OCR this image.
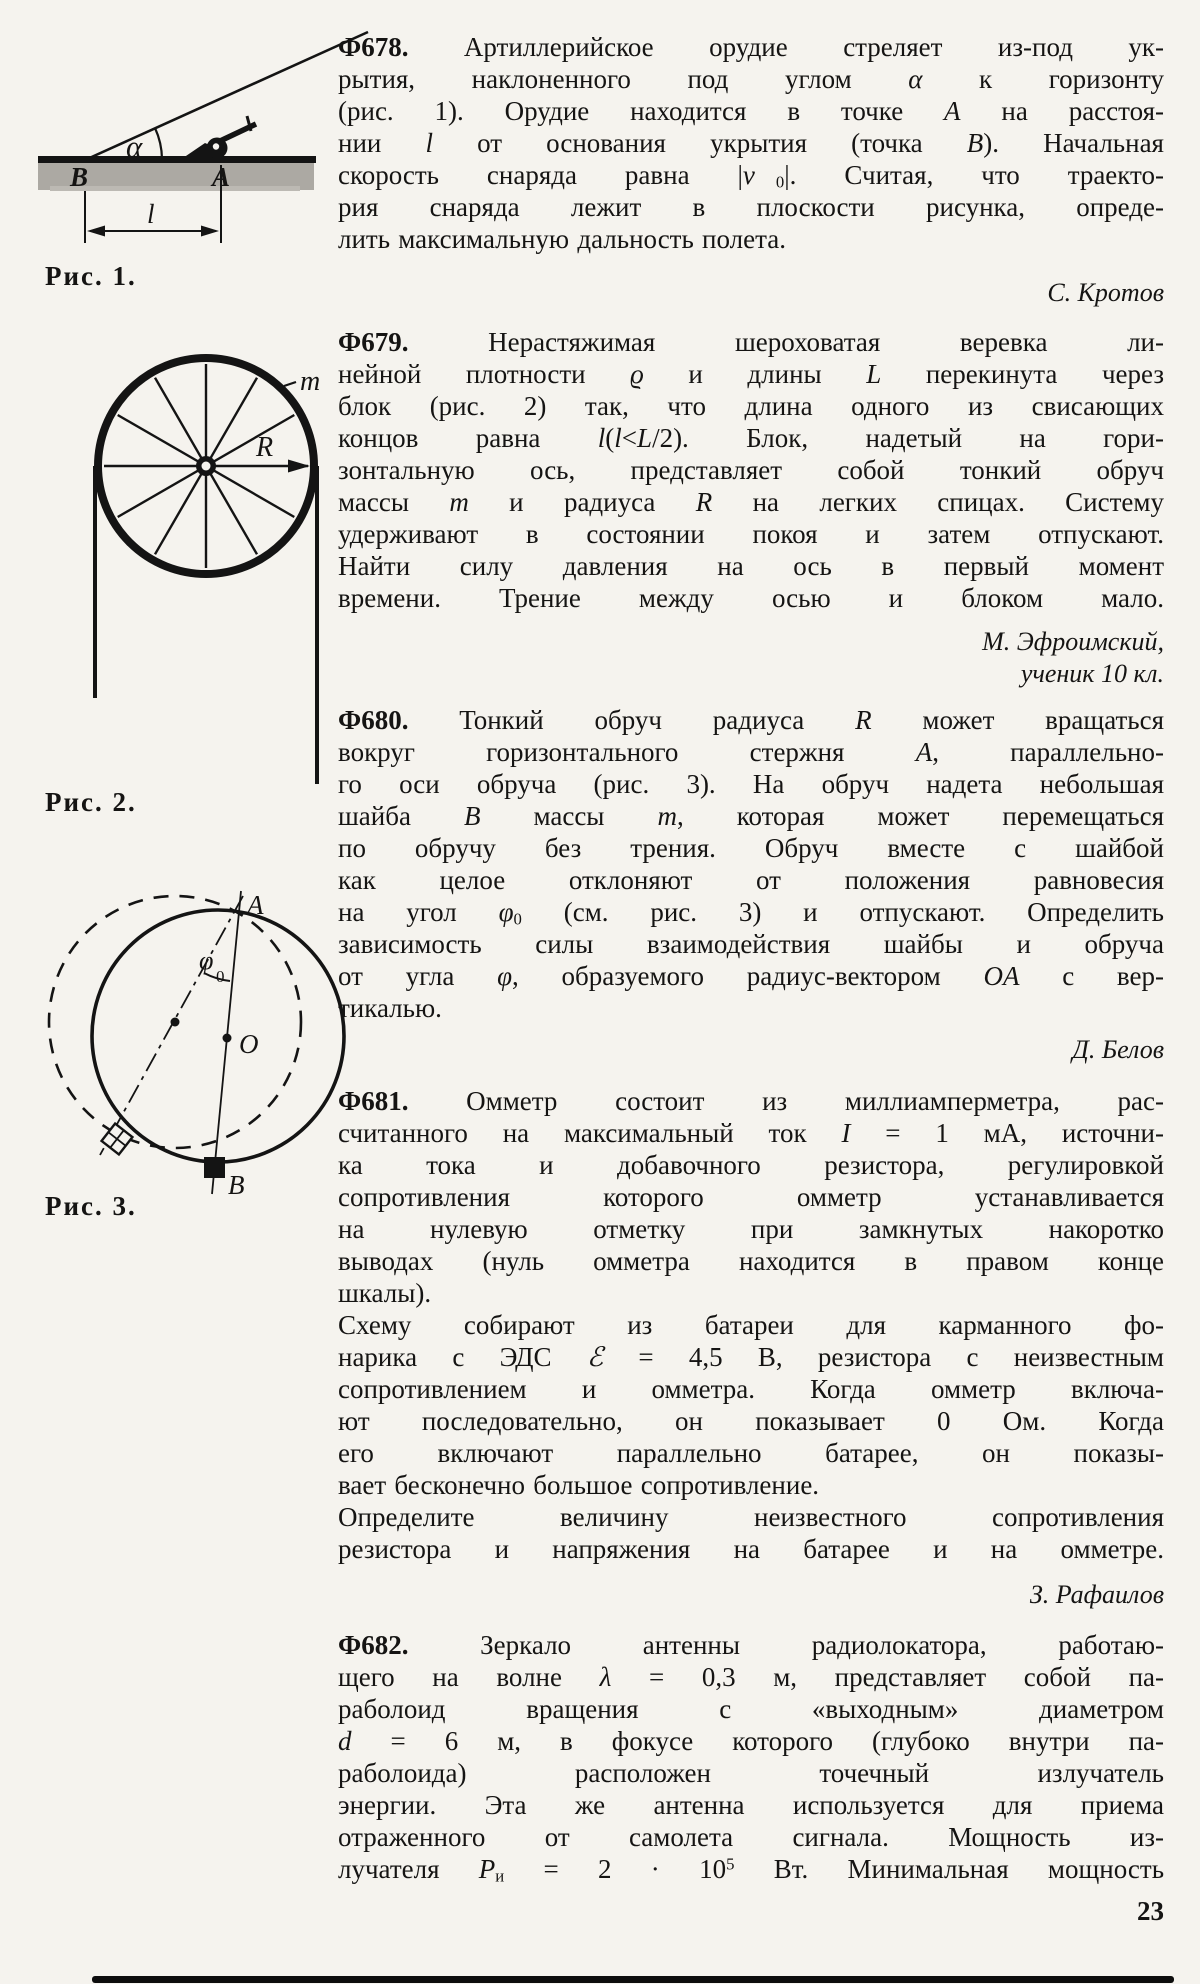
α
B	A
l
Рис. 1.
R
m
Рис. 2.
φ
0
O
A
B
Рис. 3.
Ф678. Артиллерийское орудие стреляет из-под ук-
рытия, наклоненного под углом α к горизонту
(рис. 1). Орудие находится в точке A на расстоя-
нии l от основания укрытия (точка B). Начальная
скорость снаряда равна $|v⃗_0|$. Считая, что траекто-
рия снаряда лежит в плоскости рисунка, опреде-
лить максимальную дальность полета.
С. Кротов
Ф679. Нерастяжимая шероховатая веревка ли-
нейной плотности ϱ и длины L перекинута через
блок (рис. 2) так, что длина одного из свисающих
концов равна l(l<L/2). Блок, надетый на гори-
зонтальную ось, представляет собой тонкий обруч
массы m и радиуса R на легких спицах. Систему
удерживают в состоянии покоя и затем отпускают.
Найти силу давления на ось в первый момент
времени. Трение между осью и блоком мало.
М. Эфроимский,
ученик 10 кл.
Ф680. Тонкий обруч радиуса R может вращаться
вокруг горизонтального стержня A, параллельно-
го оси обруча (рис. 3). На обруч надета небольшая
шайба B массы m, которая может перемещаться
по обручу без трения. Обруч вместе с шайбой
как целое отклоняют от положения равновесия
на угол $\varphi_0$ (см. рис. 3) и отпускают. Определить
зависимость силы взаимодействия шайбы и обруча
от угла φ, образуемого радиус-вектором OA с вер-
тикалью.
Д. Белов
Ф681. Омметр состоит из миллиамперметра, рас-
считанного на максимальный ток I = 1 мА, источни-
ка тока и добавочного резистора, регулировкой
сопротивления которого омметр устанавливается
на нулевую отметку при замкнутых накоротко
выводах (нуль омметра находится в правом конце
шкалы).
Схему собирают из батареи для карманного фо-
нарика с ЭДС ℰ = 4,5 В, резистора с неизвестным
сопротивлением и омметра. Когда омметр включа-
ют последовательно, он показывает 0 Ом. Когда
его включают параллельно батарее, он показы-
вает бесконечно большое сопротивление.
Определите величину неизвестного сопротивления
резистора и напряжения на батарее и на омметре.
З. Рафаилов
Ф682. Зеркало антенны радиолокатора, работаю-
щего на волне λ = 0,3 м, представляет собой па-
раболоид вращения с «выходным» диаметром
d = 6 м, в фокусе которого (глубоко внутри па-
раболоида) расположен точечный излучатель
энергии. Эта же антенна используется для приема
отраженного от самолета сигнала. Мощность из-
лучателя $P_и = 2 \cdot 10^5$ Вт. Минимальная мощность
23
